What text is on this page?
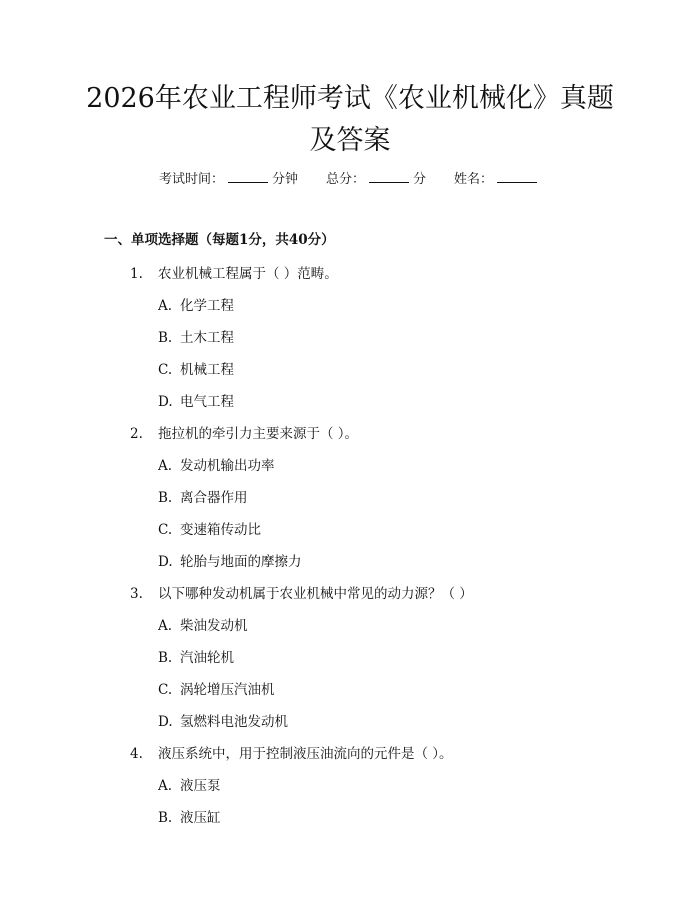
2026年农业工程师考试《农业机械化》真题
及答案
考试时间：	分钟 总分：	分 姓名：
一、单项选择题（每题1分，共40分）
1. 农业机械工程属于（ ）范畴。
A. 化学工程
B. 土木工程
C. 机械工程
D. 电气工程
2. 拖拉机的牵引力主要来源于（ ）。
A. 发动机输出功率
B. 离合器作用
C. 变速箱传动比
D. 轮胎与地面的摩擦力
3. 以下哪种发动机属于农业机械中常见的动力源？（ ）
A. 柴油发动机
B. 汽油轮机
C. 涡轮增压汽油机
D. 氢燃料电池发动机
4. 液压系统中，用于控制液压油流向的元件是（ ）。
A. 液压泵
B. 液压缸
